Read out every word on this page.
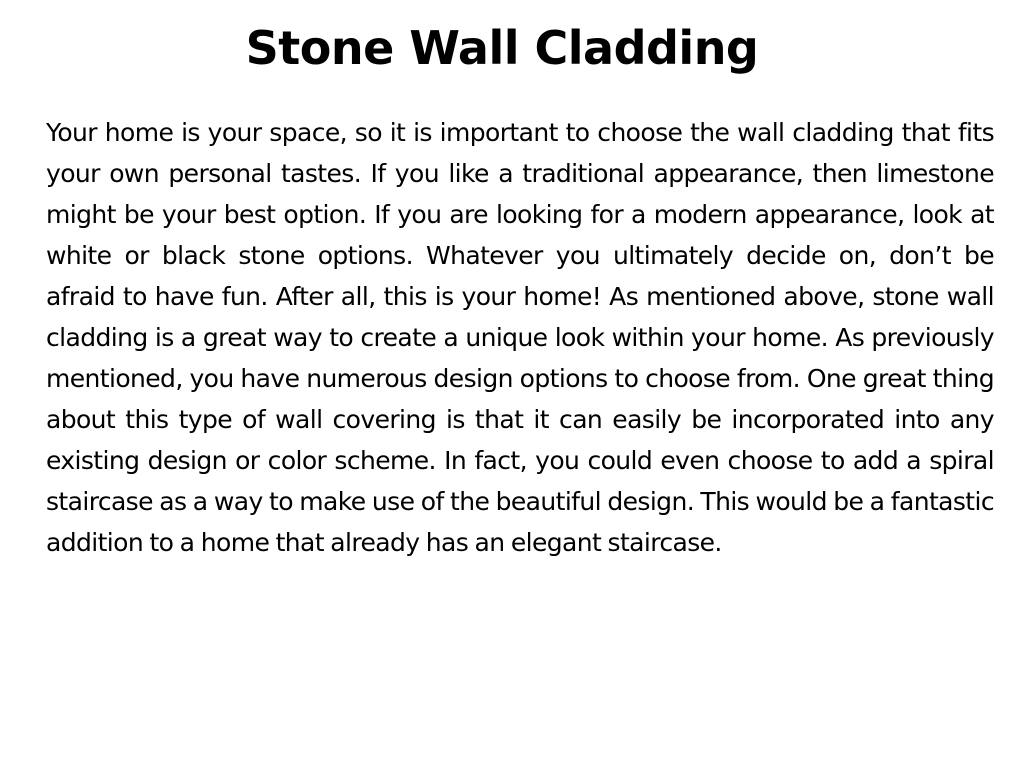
Stone Wall Cladding

Your home is your space, so it is important to choose the wall cladding that fits your own personal tastes. If you like a traditional appearance, then limestone might be your best option. If you are looking for a modern appearance, look at white or black stone options. Whatever you ultimately decide on, don’t be afraid to have fun. After all, this is your home! As mentioned above, stone wall cladding is a great way to create a unique look within your home. As previously mentioned, you have numerous design options to choose from. One great thing about this type of wall covering is that it can easily be incorporated into any existing design or color scheme. In fact, you could even choose to add a spiral staircase as a way to make use of the beautiful design. This would be a fantastic addition to a home that already has an elegant staircase.
